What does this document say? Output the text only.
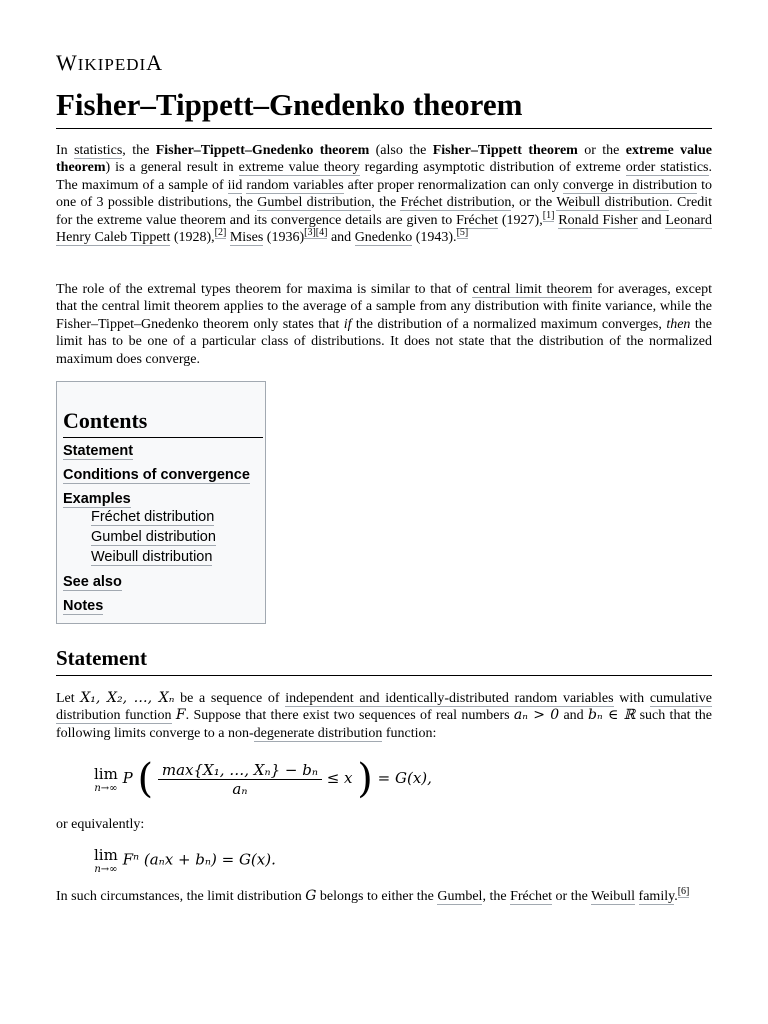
WIKIPEDIA
Fisher–Tippett–Gnedenko theorem

In statistics, the Fisher–Tippett–Gnedenko theorem (also the Fisher–Tippett theorem or the extreme value theorem) is a general result in extreme value theory regarding asymptotic distribution of extreme order statistics. The maximum of a sample of iid random variables after proper renormalization can only converge in distribution to one of 3 possible distributions, the Gumbel distribution, the Fréchet distribution, or the Weibull distribution. Credit for the extreme value theorem and its convergence details are given to Fréchet (1927),[1] Ronald Fisher and Leonard Henry Caleb Tippett (1928),[2] Mises (1936)[3][4] and Gnedenko (1943).[5]

The role of the extremal types theorem for maxima is similar to that of central limit theorem for averages, except that the central limit theorem applies to the average of a sample from any distribution with finite variance, while the Fisher–Tippet–Gnedenko theorem only states that if the distribution of a normalized maximum converges, then the limit has to be one of a particular class of distributions. It does not state that the distribution of the normalized maximum does converge.

Contents
Statement
Conditions of convergence
Examples
Fréchet distribution
Gumbel distribution
Weibull distribution
See also
Notes
Statement

Let X₁, X₂, …, Xₙ be a sequence of independent and identically-distributed random variables with cumulative distribution function F. Suppose that there exist two sequences of real numbers aₙ > 0 and bₙ ∈ ℝ such that the following limits converge to a non-degenerate distribution function:

lim
n→∞
P ( $\frac{\text{max\{X₁, …, Xₙ\} − bₙ}}{\text{aₙ}} \le x$ ) = G(x),

or equivalently:

lim
n→∞
Fⁿ (aₙx + bₙ) = G(x).

In such circumstances, the limit distribution G belongs to either the Gumbel, the Fréchet or the Weibull family.[6]
